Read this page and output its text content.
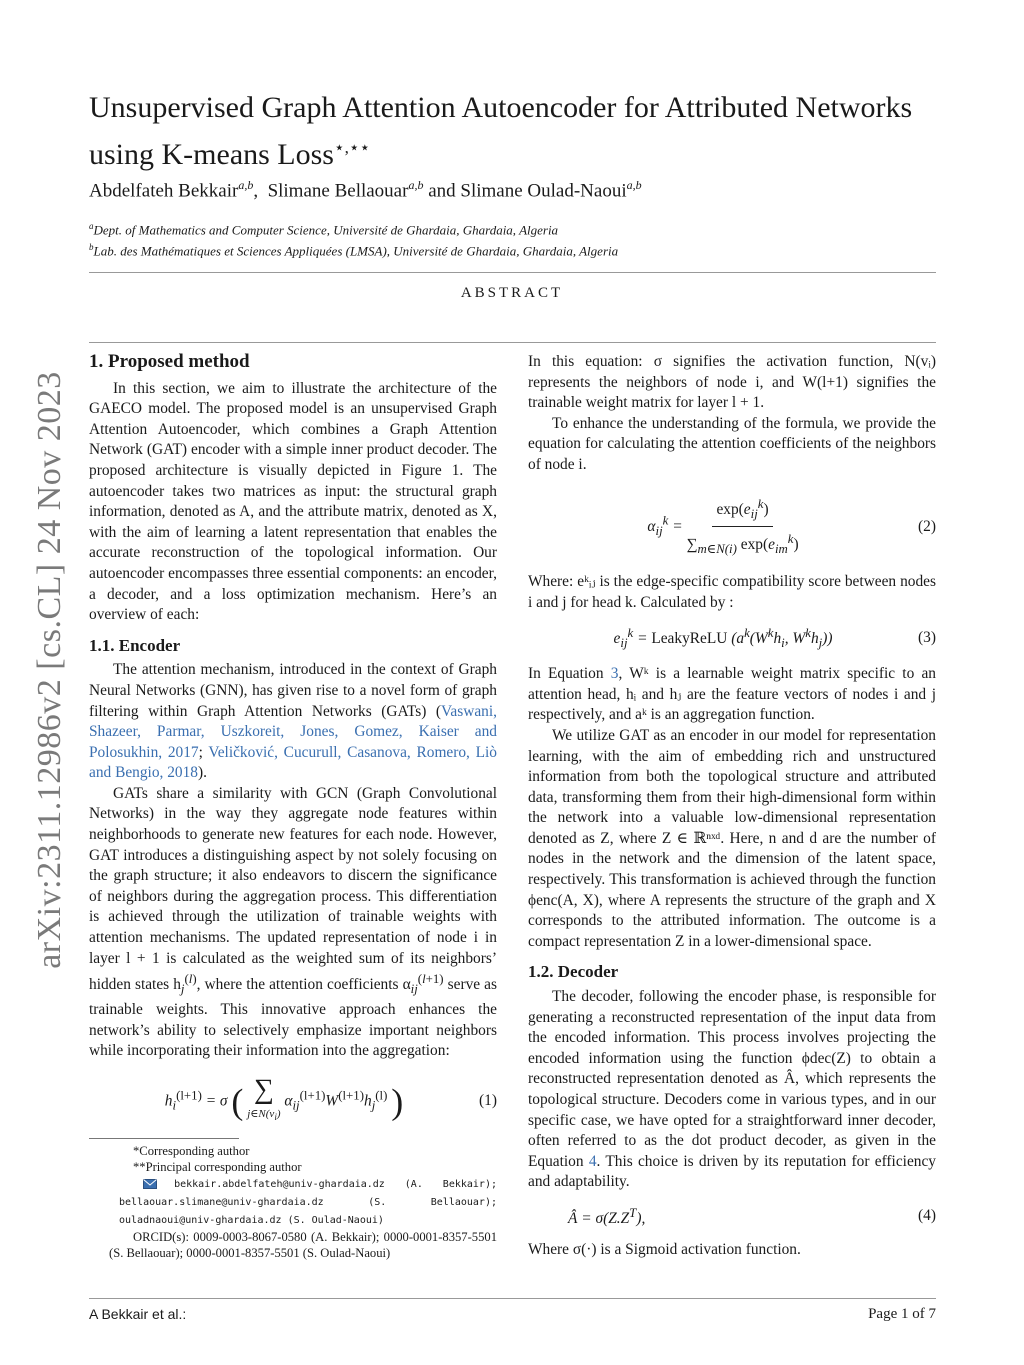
arXiv:2311.12986v2 [cs.CL] 24 Nov 2023
Unsupervised Graph Attention Autoencoder for Attributed Networks using K-means Loss⋆,⋆⋆
Abdelfateh Bekkair$^{a,b}$,  Slimane Bellaouar$^{a,b}$ and Slimane Oulad-Naoui$^{a,b}$
$^a$Dept. of Mathematics and Computer Science, Université de Ghardaia, Ghardaia, Algeria
$^b$Lab. des Mathématiques et Sciences Appliquées (LMSA), Université de Ghardaia, Ghardaia, Algeria
ABSTRACT
1. Proposed method

In this section, we aim to illustrate the architecture of the GAECO model. The proposed model is an unsupervised Graph Attention Autoencoder, which combines a Graph Attention Network (GAT) encoder with a simple inner product decoder. The proposed architecture is visually depicted in Figure 1. The autoencoder takes two matrices as input: the structural graph information, denoted as A, and the attribute matrix, denoted as X, with the aim of learning a latent representation that enables the accurate reconstruction of the topological information. Our autoencoder encompasses three essential components: an encoder, a decoder, and a loss optimization mechanism. Here’s an overview of each:

1.1. Encoder

The attention mechanism, introduced in the context of Graph Neural Networks (GNN), has given rise to a novel form of graph filtering within Graph Attention Networks (GATs) (Vaswani, Shazeer, Parmar, Uszkoreit, Jones, Gomez, Kaiser and Polosukhin, 2017; Veličković, Cucurull, Casanova, Romero, Liò and Bengio, 2018).

GATs share a similarity with GCN (Graph Convolutional Networks) in the way they aggregate node features within neighborhoods to generate new features for each node. However, GAT introduces a distinguishing aspect by not solely focusing on the graph structure; it also endeavors to discern the significance of neighbors during the aggregation process. This differentiation is achieved through the utilization of trainable weights with attention mechanisms. The updated representation of node i in layer l + 1 is calculated as the weighted sum of its neighbors’ hidden states $h_j^{(l)}$, where the attention coefficients $\alpha_{ij}^{(l+1)}$ serve as trainable weights. This innovative approach enhances the network’s ability to selectively emphasize important neighbors while incorporating their information into the aggregation:

$h_i^{(l+1)} = \sigma$ ( ∑
$j\in N(v_i)$
$\alpha_{ij}^{(l+1)}W^{(l+1)}h_j^{(l)}$ )	(1)

*Corresponding author

**Principal corresponding author

bekkair.abdelfateh@univ-ghardaia.dz (A. Bekkair); bellaouar.slimane@univ-ghardaia.dz (S. Bellaouar); ouladnaoui@univ-ghardaia.dz (S. Oulad-Naoui)

ORCID(s): 0009-0003-8067-0580 (A. Bekkair); 0000-0001-8357-5501 (S. Bellaouar); 0000-0001-8357-5501 (S. Oulad-Naoui)

In this equation: σ signifies the activation function, N(vᵢ) represents the neighbors of node i, and W(l+1) signifies the trainable weight matrix for layer l + 1.

To enhance the understanding of the formula, we provide the equation for calculating the attention coefficients of the neighbors of node i.

$\alpha_{ij}^k = \frac{\exp(e_{ij}^k)}{\sum_{m\in N(i)} \exp(e_{im}^k)}$	(2)

Where: eᵏᵢⱼ is the edge-specific compatibility score between nodes i and j for head k. Calculated by :

$e_{ij}^k$ = LeakyReLU ($a^k(W^kh_i$, $W^kh_j$))	(3)

In Equation 3, Wᵏ is a learnable weight matrix specific to an attention head, hᵢ and hⱼ are the feature vectors of nodes i and j respectively, and aᵏ is an aggregation function.

We utilize GAT as an encoder in our model for representation learning, with the aim of embedding rich and unstructured information from both the topological structure and attributed data, transforming them from their high-dimensional form within the network into a valuable low-dimensional representation denoted as Z, where Z ∈ ℝⁿˣᵈ. Here, n and d are the number of nodes in the network and the dimension of the latent space, respectively. This transformation is achieved through the function ϕenc(A, X), where A represents the structure of the graph and X corresponds to the attributed information. The outcome is a compact representation Z in a lower-dimensional space.

1.2. Decoder

The decoder, following the encoder phase, is responsible for generating a reconstructed representation of the input data from the encoded information. This process involves projecting the encoded information using the function ϕdec(Z) to obtain a reconstructed representation denoted as Â, which represents the topological structure. Decoders come in various types, and in our specific case, we have opted for a straightforward inner decoder, often referred to as the dot product decoder, as given in the Equation 4. This choice is driven by its reputation for efficiency and adaptability.

Â = $\sigma(Z.Z^T)$,	(4)

Where σ(·) is a Sigmoid activation function.

A Bekkair et al.:	Page 1 of 7
